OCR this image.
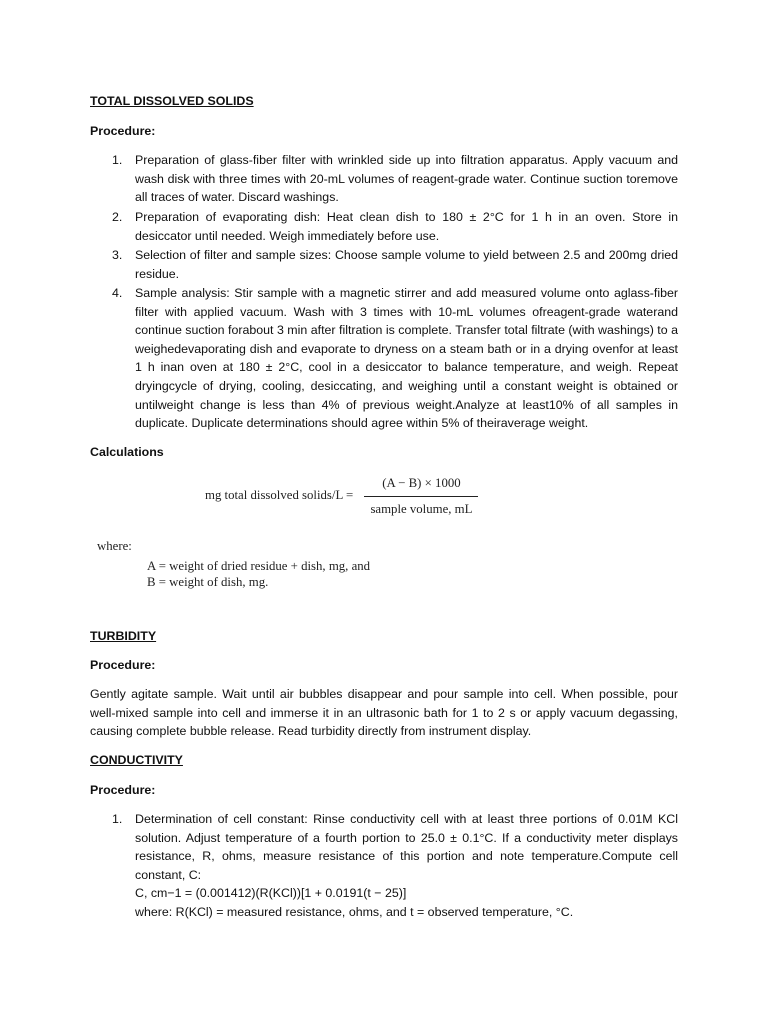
TOTAL DISSOLVED SOLIDS
Procedure:
1. Preparation of glass-fiber filter with wrinkled side up into filtration apparatus. Apply vacuum and wash disk with three times with 20-mL volumes of reagent-grade water. Continue suction toremove all traces of water. Discard washings.
2. Preparation of evaporating dish: Heat clean dish to 180 ± 2°C for 1 h in an oven. Store in desiccator until needed. Weigh immediately before use.
3. Selection of filter and sample sizes: Choose sample volume to yield between 2.5 and 200mg dried residue.
4. Sample analysis: Stir sample with a magnetic stirrer and add measured volume onto aglass-fiber filter with applied vacuum. Wash with 3 times with 10-mL volumes ofreagent-grade waterand continue suction forabout 3 min after filtration is complete. Transfer total filtrate (with washings) to a weighedevaporating dish and evaporate to dryness on a steam bath or in a drying ovenfor at least 1 h inan oven at 180 ± 2°C, cool in a desiccator to balance temperature, and weigh. Repeat dryingcycle of drying, cooling, desiccating, and weighing until a constant weight is obtained or untilweight change is less than 4% of previous weight.Analyze at least10% of all samples in duplicate. Duplicate determinations should agree within 5% of theiraverage weight.
Calculations
mg total dissolved solids/L = $\frac{(A - B) \times 1000}{\text{sample volume, mL}}$
where:
A = weight of dried residue + dish, mg, and
B = weight of dish, mg.
TURBIDITY
Procedure:

Gently agitate sample. Wait until air bubbles disappear and pour sample into cell. When possible, pour well-mixed sample into cell and immerse it in an ultrasonic bath for 1 to 2 s or apply vacuum degassing, causing complete bubble release. Read turbidity directly from instrument display.

CONDUCTIVITY
Procedure:
1. Determination of cell constant: Rinse conductivity cell with at least three portions of 0.01M KCl solution. Adjust temperature of a fourth portion to 25.0 ± 0.1°C. If a conductivity meter displays resistance, R, ohms, measure resistance of this portion and note temperature.Compute cell constant, C:
C, cm−1 = (0.001412)(R(KCl))[1 + 0.0191(t − 25)]
where: R(KCl) = measured resistance, ohms, and t = observed temperature, °C.
